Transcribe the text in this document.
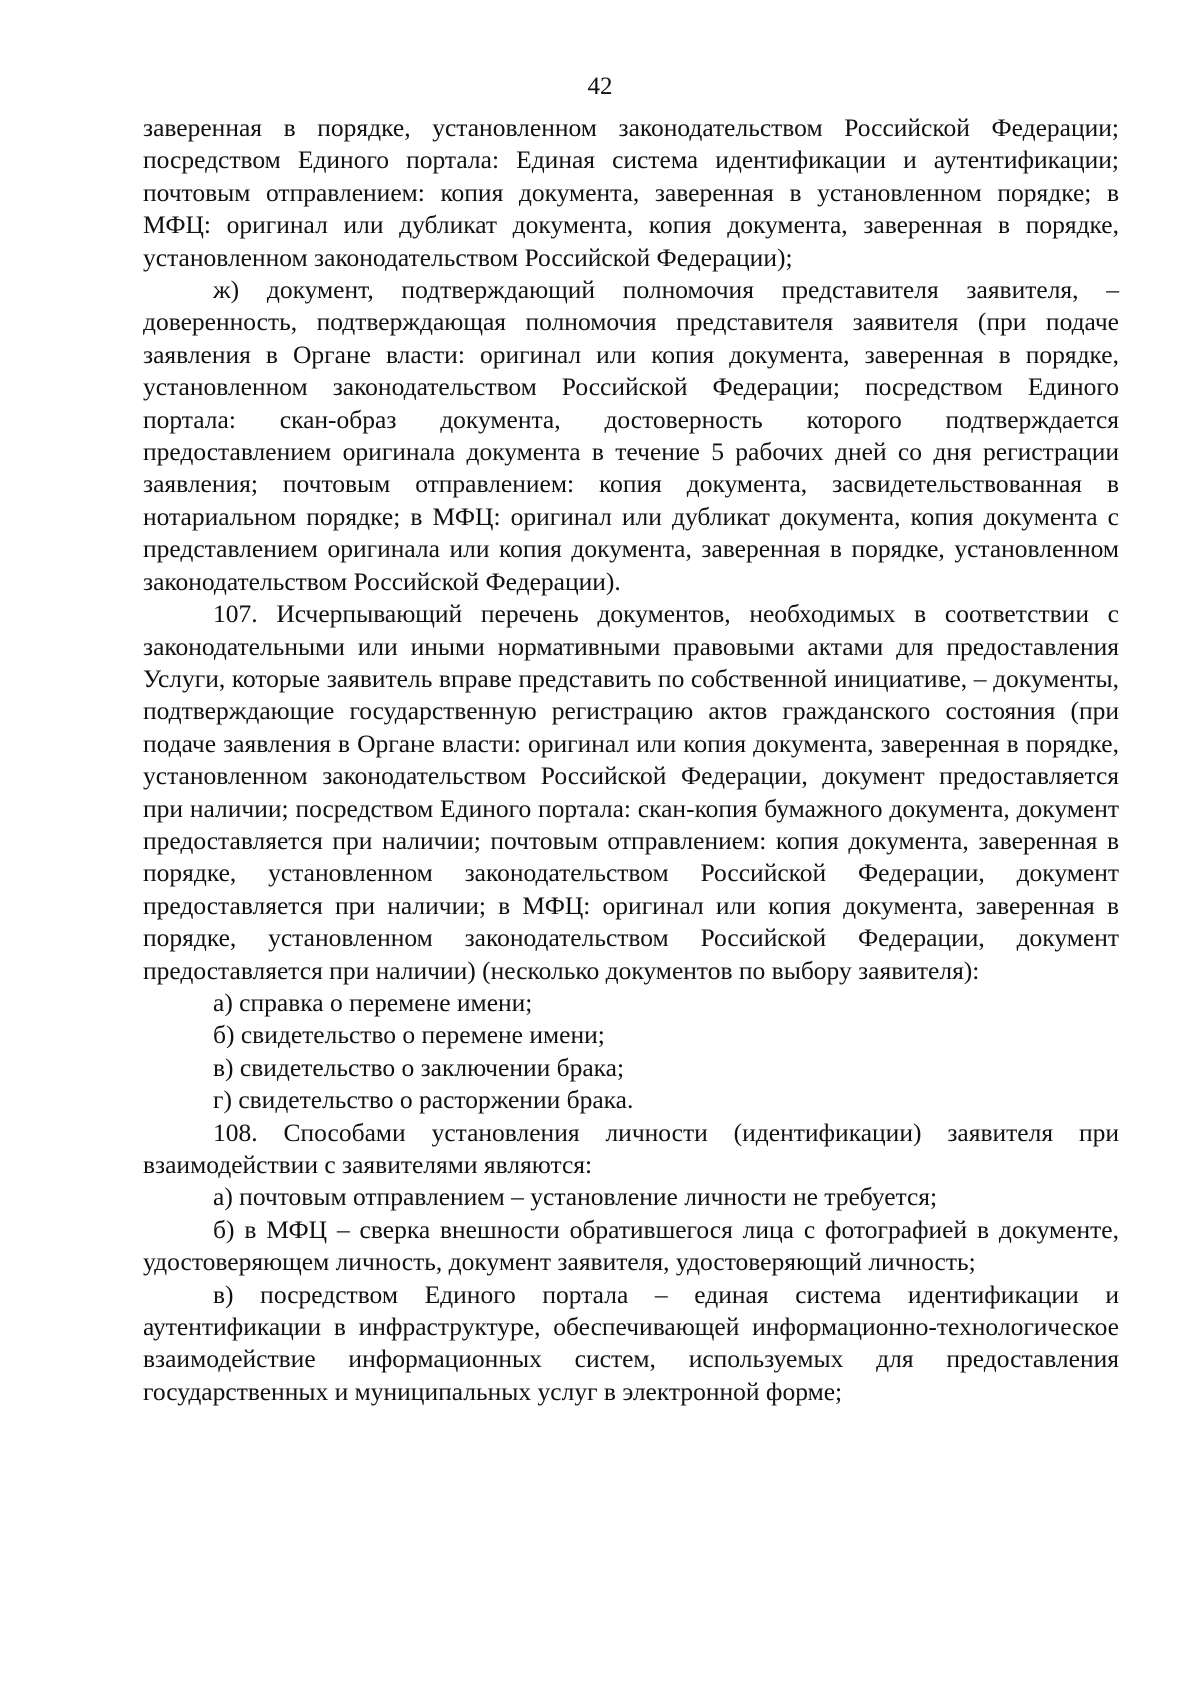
42

заверенная в порядке, установленном законодательством Российской Федерации; посредством Единого портала: Единая система идентификации и аутентификации; почтовым отправлением: копия документа, заверенная в установленном порядке; в МФЦ: оригинал или дубликат документа, копия документа, заверенная в порядке, установленном законодательством Российской Федерации);

ж) документ, подтверждающий полномочия представителя заявителя, – доверенность, подтверждающая полномочия представителя заявителя (при подаче заявления в Органе власти: оригинал или копия документа, заверенная в порядке, установленном законодательством Российской Федерации; посредством Единого портала: скан-образ документа, достоверность которого подтверждается предоставлением оригинала документа в течение 5 рабочих дней со дня регистрации заявления; почтовым отправлением: копия документа, засвидетельствованная в нотариальном порядке; в МФЦ: оригинал или дубликат документа, копия документа с представлением оригинала или копия документа, заверенная в порядке, установленном законодательством Российской Федерации).

107. Исчерпывающий перечень документов, необходимых в соответствии с законодательными или иными нормативными правовыми актами для предоставления Услуги, которые заявитель вправе представить по собственной инициативе, – документы, подтверждающие государственную регистрацию актов гражданского состояния (при подаче заявления в Органе власти: оригинал или копия документа, заверенная в порядке, установленном законодательством Российской Федерации, документ предоставляется при наличии; посредством Единого портала: скан-копия бумажного документа, документ предоставляется при наличии; почтовым отправлением: копия документа, заверенная в порядке, установленном законодательством Российской Федерации, документ предоставляется при наличии; в МФЦ: оригинал или копия документа, заверенная в порядке, установленном законодательством Российской Федерации, документ предоставляется при наличии) (несколько документов по выбору заявителя):

а) справка о перемене имени;

б) свидетельство о перемене имени;

в) свидетельство о заключении брака;

г) свидетельство о расторжении брака.

108. Способами установления личности (идентификации) заявителя при взаимодействии с заявителями являются:

а) почтовым отправлением – установление личности не требуется;

б) в МФЦ – сверка внешности обратившегося лица с фотографией в документе, удостоверяющем личность, документ заявителя, удостоверяющий личность;

в) посредством Единого портала – единая система идентификации и аутентификации в инфраструктуре, обеспечивающей информационно-технологическое взаимодействие информационных систем, используемых для предоставления государственных и муниципальных услуг в электронной форме;
